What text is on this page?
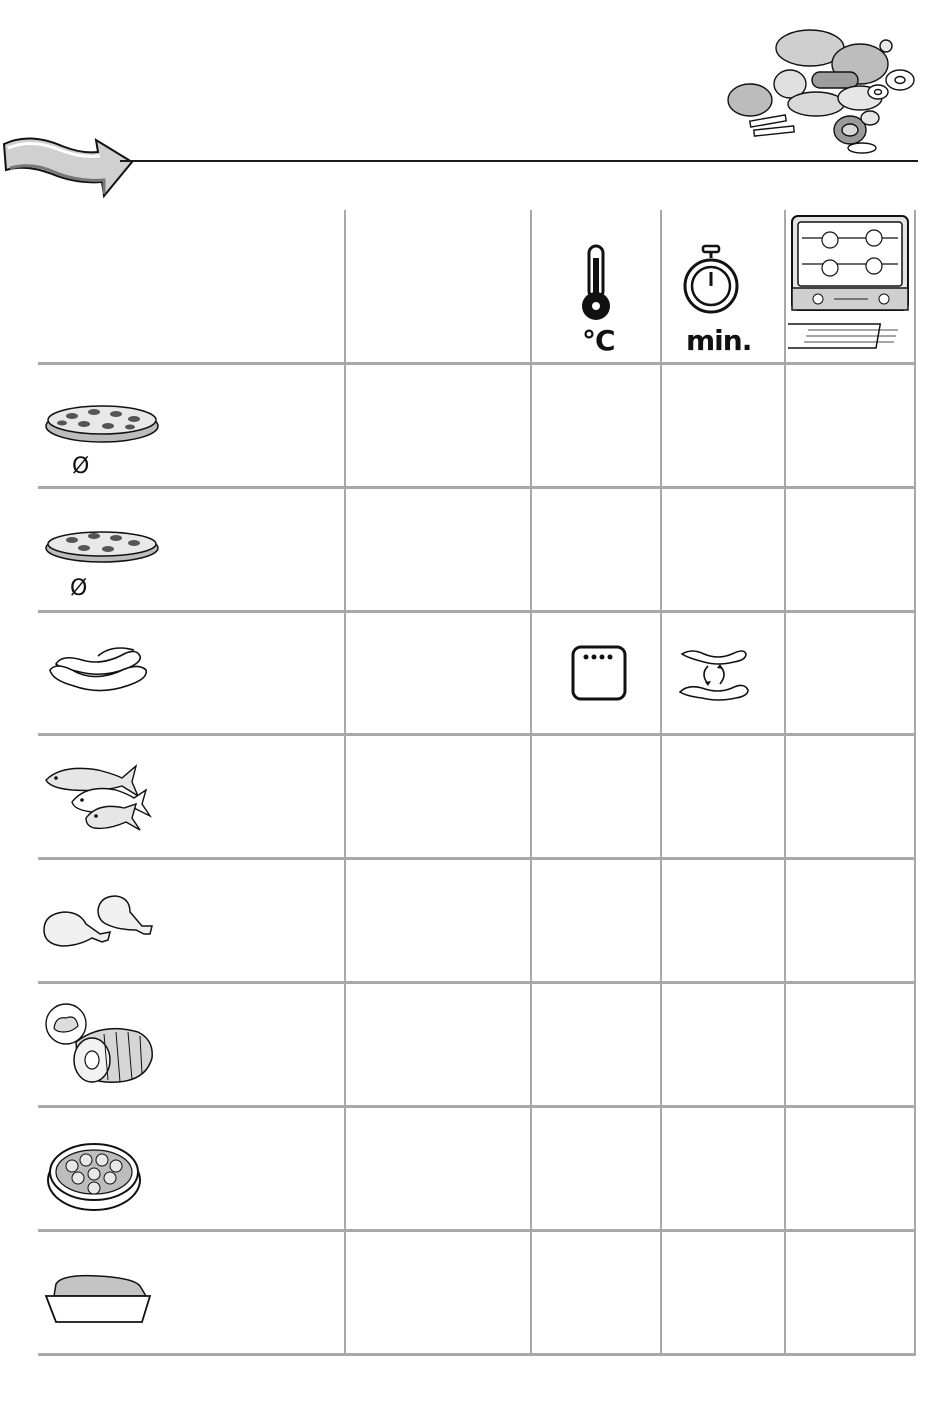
°C	min.
Ø
Ø
